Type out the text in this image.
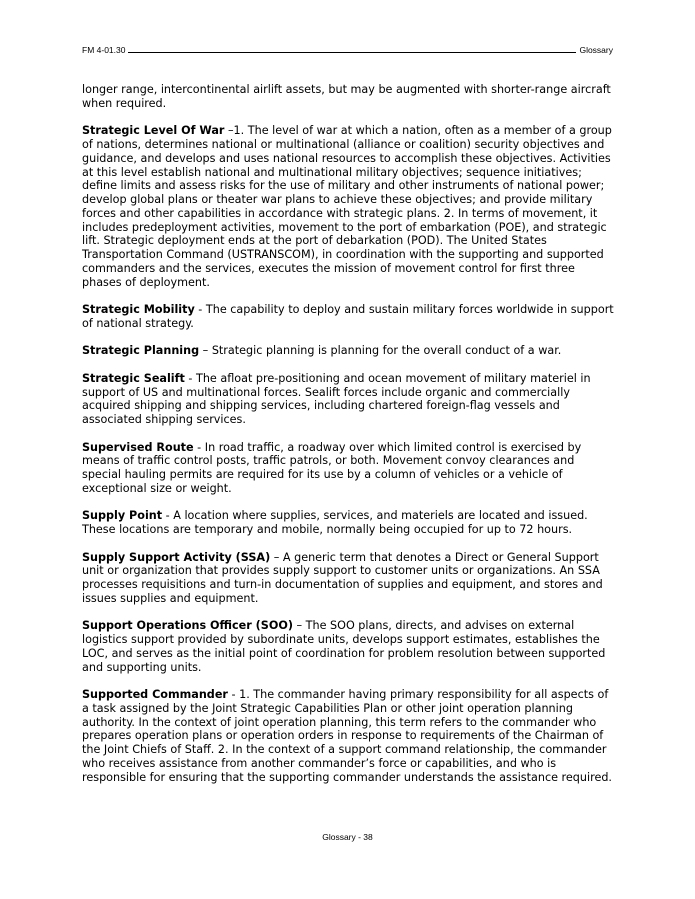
FM 4-01.30	Glossary

longer range, intercontinental airlift assets, but may be augmented with shorter-range aircraft when required.

Strategic Level Of War –1. The level of war at which a nation, often as a member of a group of nations, determines national or multinational (alliance or coalition) security objectives and guidance, and develops and uses national resources to accomplish these objectives. Activities at this level establish national and multinational military objectives; sequence initiatives; define limits and assess risks for the use of military and other instruments of national power; develop global plans or theater war plans to achieve these objectives; and provide military forces and other capabilities in accordance with strategic plans. 2. In terms of movement, it includes predeployment activities, movement to the port of embarkation (POE), and strategic lift. Strategic deployment ends at the port of debarkation (POD). The United States Transportation Command (USTRANSCOM), in coordination with the supporting and supported commanders and the services, executes the mission of movement control for first three phases of deployment.

Strategic Mobility - The capability to deploy and sustain military forces worldwide in support of national strategy.

Strategic Planning – Strategic planning is planning for the overall conduct of a war.

Strategic Sealift - The afloat pre-positioning and ocean movement of military materiel in support of US and multinational forces. Sealift forces include organic and commercially acquired shipping and shipping services, including chartered foreign-flag vessels and associated shipping services.

Supervised Route - In road traffic, a roadway over which limited control is exercised by means of traffic control posts, traffic patrols, or both. Movement convoy clearances and special hauling permits are required for its use by a column of vehicles or a vehicle of exceptional size or weight.

Supply Point - A location where supplies, services, and materiels are located and issued. These locations are temporary and mobile, normally being occupied for up to 72 hours.

Supply Support Activity (SSA) – A generic term that denotes a Direct or General Support unit or organization that provides supply support to customer units or organizations. An SSA processes requisitions and turn-in documentation of supplies and equipment, and stores and issues supplies and equipment.

Support Operations Officer (SOO) – The SOO plans, directs, and advises on external logistics support provided by subordinate units, develops support estimates, establishes the LOC, and serves as the initial point of coordination for problem resolution between supported and supporting units.

Supported Commander - 1. The commander having primary responsibility for all aspects of a task assigned by the Joint Strategic Capabilities Plan or other joint operation planning authority. In the context of joint operation planning, this term refers to the commander who prepares operation plans or operation orders in response to requirements of the Chairman of the Joint Chiefs of Staff. 2. In the context of a support command relationship, the commander who receives assistance from another commander’s force or capabilities, and who is responsible for ensuring that the supporting commander understands the assistance required.

Glossary - 38
